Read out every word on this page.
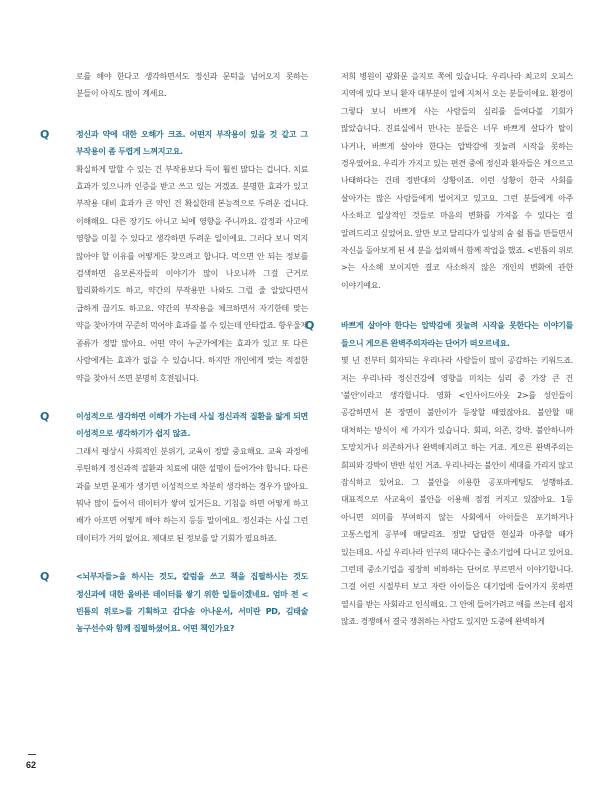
로를 해야 한다고 생각하면서도 정신과 문턱을 넘어오지 못하는 분들이 아직도 많이 계세요.

Q	정신과 약에 대한 오해가 크죠. 어떤지 부작용이 있을 것 같고 그 부작용이 좀 두렵게 느껴지고요.

확실하게 말할 수 있는 건 부작용보다 득이 훨씬 많다는 겁니다. 치료 효과가 있으니까 인증을 받고 쓰고 있는 거겠죠. 분명한 효과가 있고 부작용 대비 효과가 큰 약인 건 확실한데 본능적으로 두려운 겁니다. 이해해요. 다른 장기도 아니고 뇌에 영향을 주니까요. 감정과 사고에 영향을 미칠 수 있다고 생각하면 두려운 일이에요. 그러다 보니 먹지 않아야 할 이유를 어떻게든 찾으려고 합니다. 먹으면 안 되는 정보를 검색하면 음모론자들의 이야기가 많이 나오니까 그걸 근거로 합리화하기도 하고, 약간의 부작용만 나와도 그럴 줄 알았다면서 급하게 끊기도 하고요. 약간의 부작용을 체크하면서 자기한테 맞는 약을 찾아가며 꾸준히 먹어야 효과를 볼 수 있는데 안타깝죠. 항우울제 종류가 정말 많아요. 어떤 약이 누군가에게는 효과가 있고 또 다른 사람에게는 효과가 없을 수 있습니다. 하지만 개인에게 맞는 적절한 약을 찾아서 쓰면 분명히 호전됩니다.

Q	이성적으로 생각하면 이해가 가는데 사실 정신과적 질환을 앓게 되면 이성적으로 생각하기가 쉽지 않죠.

그래서 평상시 사회적인 분위기, 교육이 정말 중요해요. 교육 과정에 루틴하게 정신과적 질환과 치료에 대한 설명이 들어가야 합니다. 다른 과를 보면 문제가 생기면 이성적으로 차분히 생각하는 경우가 많아요. 뭐낙 많이 들어서 데이터가 쌓여 있거든요. 기침을 하면 어떻게 하고 배가 아프면 어떻게 해야 하는지 등등 말이에요. 정신과는 사실 그런 데이터가 거의 없어요. 제대로 된 정보를 알 기회가 필요하죠.

Q	<뇌부자들>을 하시는 것도, 칼럼을 쓰고 책을 집필하시는 것도 정신과에 대한 올바른 데이터를 쌓기 위한 일들이겠네요. 엄마 전 <빈틈의 위로>를 기획하고 감다솜 아나운서, 서미란 PD, 김태술 농구선수와 함께 집필하셨어요. 어떤 책인가요?

저희 병원이 광화문 을지로 쪽에 있습니다. 우리나라 최고의 오피스 지역에 있다 보니 환자 대부분이 일에 지쳐서 오는 분들이에요. 환경이 그렇다 보니 바쁘게 사는 사람들의 심리를 들여다볼 기회가 많았습니다. 진료실에서 만나는 분들은 너무 바쁘게 살다가 탈이 나거나, 바쁘게 살아야 한다는 압박감에 짓눌려 시작을 못하는 경우였어요. 우리가 가지고 있는 편견 중에 정신과 환자들은 게으르고 나태하다는 건데 정반대의 상황이죠. 이런 상황이 한국 사회를 살아가는 많은 사람들에게 벌어지고 있고요. 그런 분들에게 아주 사소하고 일상적인 것들로 마음의 변화를 가져올 수 있다는 걸 알려드리고 싶었어요. 앞만 보고 달리다가 일상의 숨 쉴 틈을 만들면서 자신을 돌아보게 된 세 분을 섭외해서 함께 작업을 했죠. <빈틈의 위로>는 사소해 보이지만 결코 사소하지 않은 개인의 변화에 관한 이야기예요.

Q	바쁘게 살아야 한다는 압박감에 짓눌려 시작을 못한다는 이야기를 들으니 게으른 완벽주의자라는 단어가 떠오르네요.

몇 년 전부터 회자되는 우리나라 사람들이 많이 공감하는 키워드죠. 저는 우리나라 정신건강에 영향을 미치는 심리 중 가장 큰 건 '불안'이라고 생각합니다. 영화 <인사이드아웃 2>를 성인들이 공감하면서 본 장면이 불안이가 등장할 때였잖아요. 불안할 때 대처하는 방식이 세 가지가 있습니다. 회피, 의존, 강박. 불안하니까 도망치거나 의존하거나 완벽해지려고 하는 거죠. 게으른 완벽주의는 회피와 강박이 반반 섞인 거죠. 우리나라는 불안이 세대를 가리지 않고 잠식하고 있어요. 그 불안을 이용한 공포마케팅도 성행하죠. 대표적으로 사교육이 불안을 이용해 점점 커지고 있잖아요. 1등 아니면 의미를 부여하지 않는 사회에서 아이들은 포기하거나 고통스럽게 공부에 매달리죠. 정말 답답한 현실과 마주할 때가 있는데요. 사실 우리나라 인구의 대다수는 중소기업에 다니고 있어요. 그런데 중소기업을 굉장히 비하하는 단어로 부르면서 이야기합니다. 그걸 어린 시절부터 보고 자란 아이들은 대기업에 들어가지 못하면 열시를 받는 사회라고 인식해요. 그 안에 들어가려고 애를 쓰는데 쉽지 않죠. 경쟁해서 결국 쟁취하는 사람도 있지만 도중에 완벽하게

62
